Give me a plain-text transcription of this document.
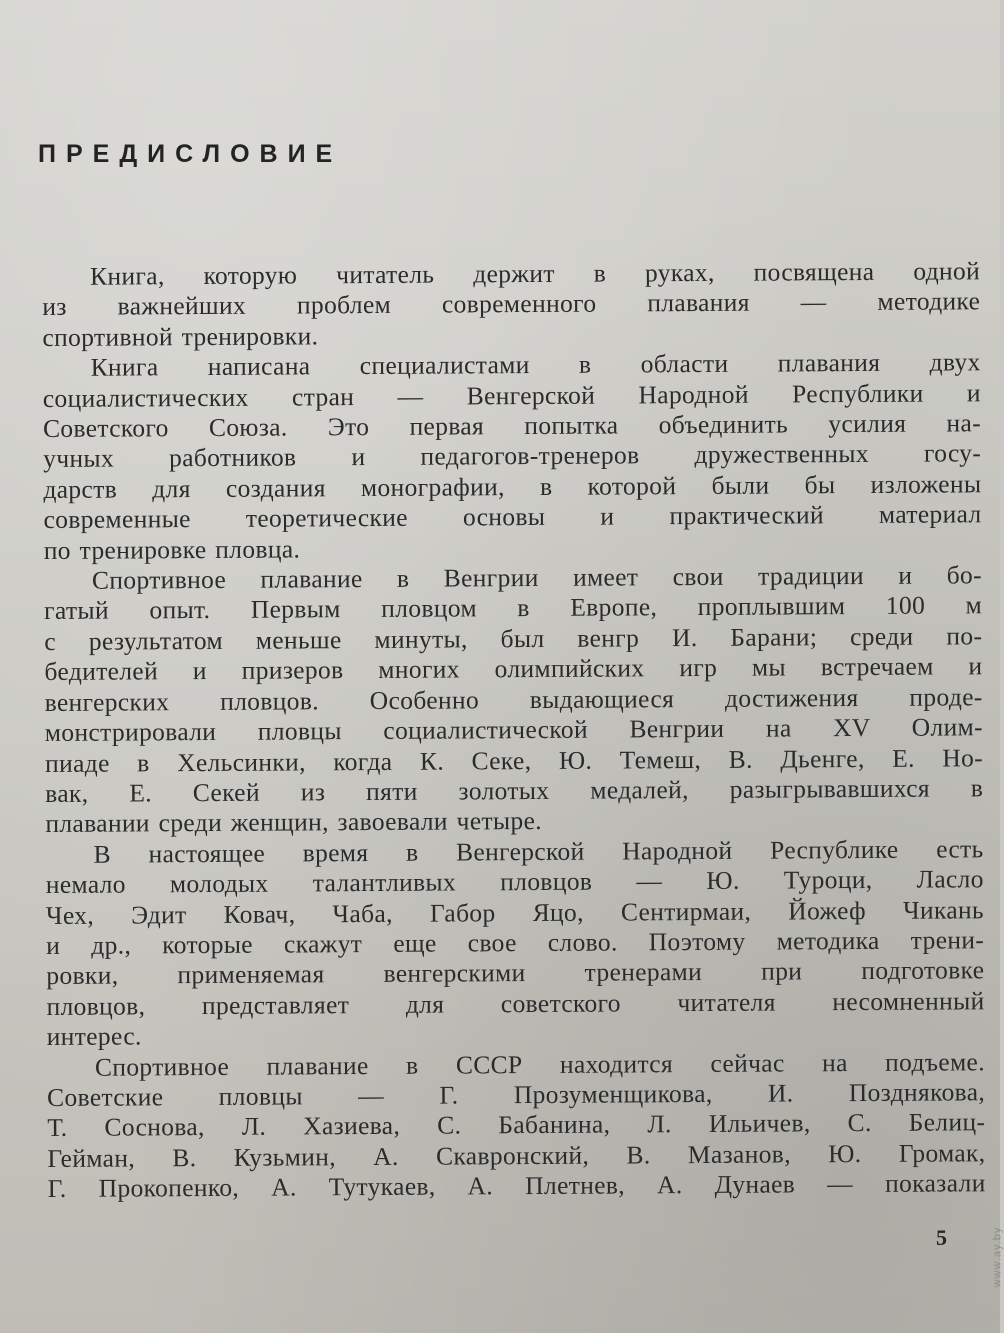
ПРЕДИСЛОВИЕ

Книга, которую читатель держит в руках, посвящена одной
из важнейших проблем современного плавания — методике
спортивной тренировки.

Книга написана специалистами в области плавания двух
социалистических стран — Венгерской Народной Республики и
Советского Союза. Это первая попытка объединить усилия на-
учных работников и педагогов-тренеров дружественных госу-
дарств для создания монографии, в которой были бы изложены
современные теоретические основы и практический материал
по тренировке пловца.

Спортивное плавание в Венгрии имеет свои традиции и бо-
гатый опыт. Первым пловцом в Европе, проплывшим 100 м
с результатом меньше минуты, был венгр И. Барани; среди по-
бедителей и призеров многих олимпийских игр мы встречаем и
венгерских пловцов. Особенно выдающиеся достижения проде-
монстрировали пловцы социалистической Венгрии на XV Олим-
пиаде в Хельсинки, когда К. Секе, Ю. Темеш, В. Дьенге, Е. Но-
вак, Е. Секей из пяти золотых медалей, разыгрывавшихся в
плавании среди женщин, завоевали четыре.

В настоящее время в Венгерской Народной Республике есть
немало молодых талантливых пловцов — Ю. Туроци, Ласло
Чех, Эдит Ковач, Чаба, Габор Яцо, Сентирмаи, Йожеф Чикань
и др., которые скажут еще свое слово. Поэтому методика трени-
ровки, применяемая венгерскими тренерами при подготовке
пловцов, представляет для советского читателя несомненный
интерес.

Спортивное плавание в СССР находится сейчас на подъеме.
Советские пловцы — Г. Прозуменщикова, И. Позднякова,
Т. Соснова, Л. Хазиева, С. Бабанина, Л. Ильичев, С. Белиц-
Гейман, В. Кузьмин, А. Скавронский, В. Мазанов, Ю. Громак,
Г. Прокопенко, А. Тутукаев, А. Плетнев, А. Дунаев — показали

5	www.ay.by
